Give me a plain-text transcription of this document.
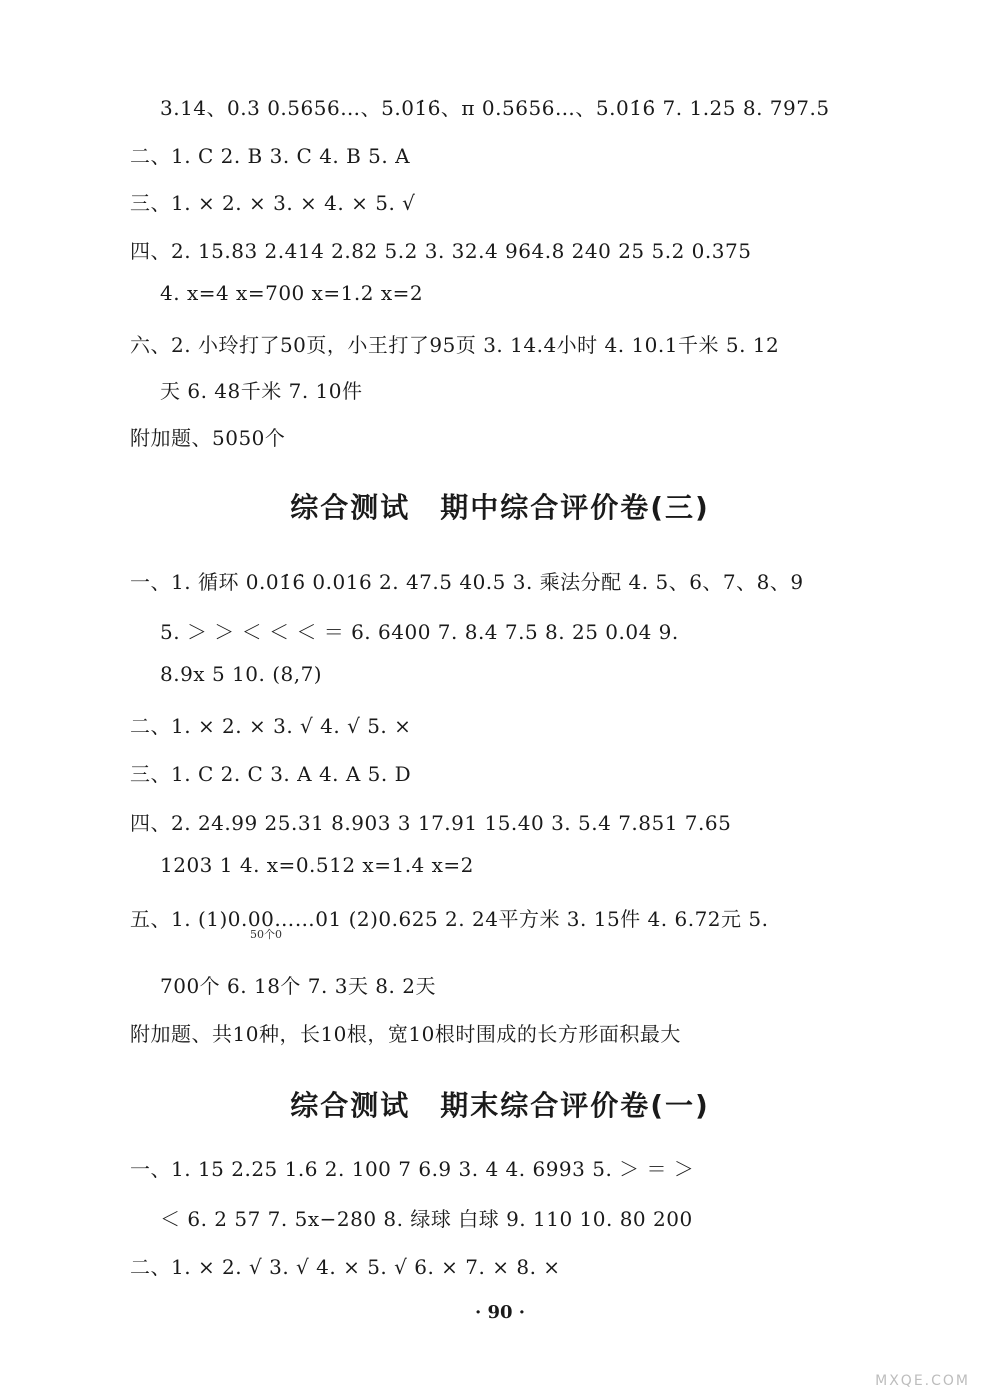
3.14、0.3 0.5656…、5.01̇6̇、π 0.5656…、5.01̇6̇ 7. 1.25 8. 797.5
二、1. C 2. B 3. C 4. B 5. A
三、1. × 2. × 3. × 4. × 5. √
四、2. 15.83 2.414 2.82 5.2 3. 32.4 964.8 240 25 5.2 0.375
4. x=4 x=700 x=1.2 x=2
六、2. 小玲打了50页，小王打了95页 3. 14.4小时 4. 10.1千米 5. 12
天 6. 48千米 7. 10件
附加题、5050个
综合测试　期中综合评价卷(三)
一、1. 循环 0.01̇6̇ 0.016 2. 47.5 40.5 3. 乘法分配 4. 5、6、7、8、9
5. ＞ ＞ ＜ ＜ ＜ ＝ 6. 6400 7. 8.4 7.5 8. 25 0.04 9.
8.9x 5 10. (8,7)
二、1. × 2. × 3. √ 4. √ 5. ×
三、1. C 2. C 3. A 4. A 5. D
四、2. 24.99 25.31 8.903 3 17.91 15.40 3. 5.4 7.851 7.65
1203 1 4. x=0.512 x=1.4 x=2
五、1. (1)0.00……01 (2)0.625 2. 24平方米 3. 15件 4. 6.72元 5.
50个0
700个 6. 18个 7. 3天 8. 2天
附加题、共10种，长10根，宽10根时围成的长方形面积最大
综合测试　期末综合评价卷(一)
一、1. 15 2.25 1.6 2. 100 7 6.9 3. 4 4. 6993 5. ＞ ＝ ＞
＜ 6. 2 57 7. 5x−280 8. 绿球 白球 9. 110 10. 80 200
二、1. × 2. √ 3. √ 4. × 5. √ 6. × 7. × 8. ×
· 90 ·
MXQE.COM
